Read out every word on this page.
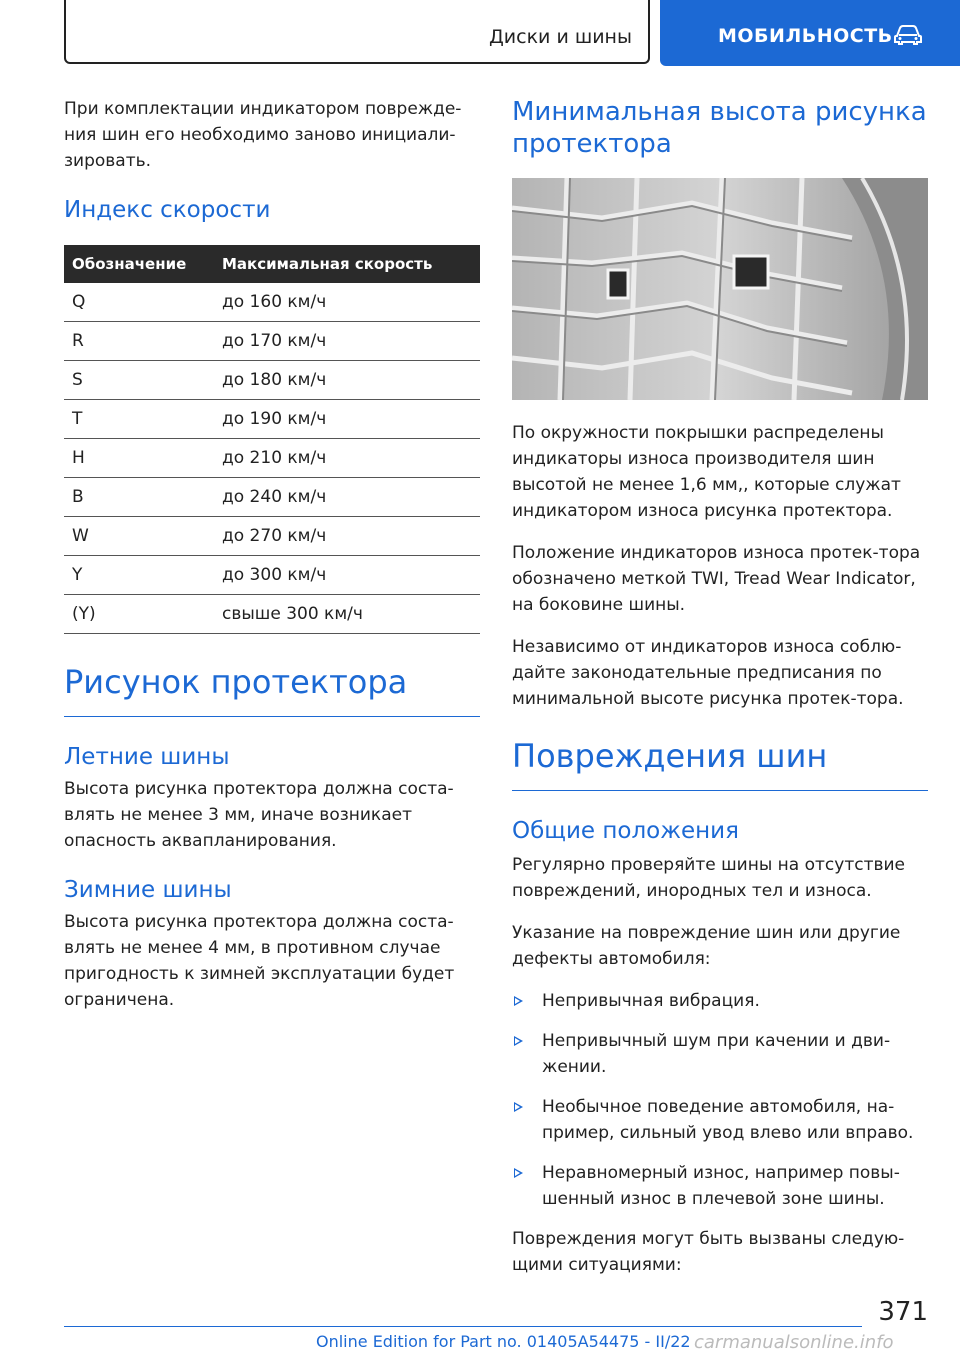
Диски и шины	МОБИЛЬНОСТЬ

При комплектации индикатором поврежде-ния шин его необходимо заново инициали-зировать.

Индекс скорости
Обозначение	Максимальная скорость
Q	до 160 км/ч
R	до 170 км/ч
S	до 180 км/ч
T	до 190 км/ч
H	до 210 км/ч
B	до 240 км/ч
W	до 270 км/ч
Y	до 300 км/ч
(Y)	свыше 300 км/ч
Рисунок протектора
Летние шины

Высота рисунка протектора должна соста-влять не менее 3 мм, иначе возникает опасность аквапланирования.

Зимние шины

Высота рисунка протектора должна соста-влять не менее 4 мм, в противном случае пригодность к зимней эксплуатации будет ограничена.

Минимальная высота рисунка протектора

По окружности покрышки распределены индикаторы износа производителя шин высотой не менее 1,6 мм,, которые служат индикатором износа рисунка протектора.

Положение индикаторов износа протек-тора обозначено меткой TWI, Tread Wear Indicator, на боковине шины.

Независимо от индикаторов износа соблю-дайте законодательные предписания по минимальной высоте рисунка протек-тора.

Повреждения шин
Общие положения

Регулярно проверяйте шины на отсутствие повреждений, инородных тел и износа.

Указание на повреждение шин или другие дефекты автомобиля:

Непривычная вибрация.
Непривычный шум при качении и дви-жении.
Необычное поведение автомобиля, на-пример, сильный увод влево или вправо.
Неравномерный износ, например повы-шенный износ в плечевой зоне шины.

Повреждения могут быть вызваны следую-щими ситуациями:

371
Online Edition for Part no. 01405A54475 - II/22 carmanualsonline.info
